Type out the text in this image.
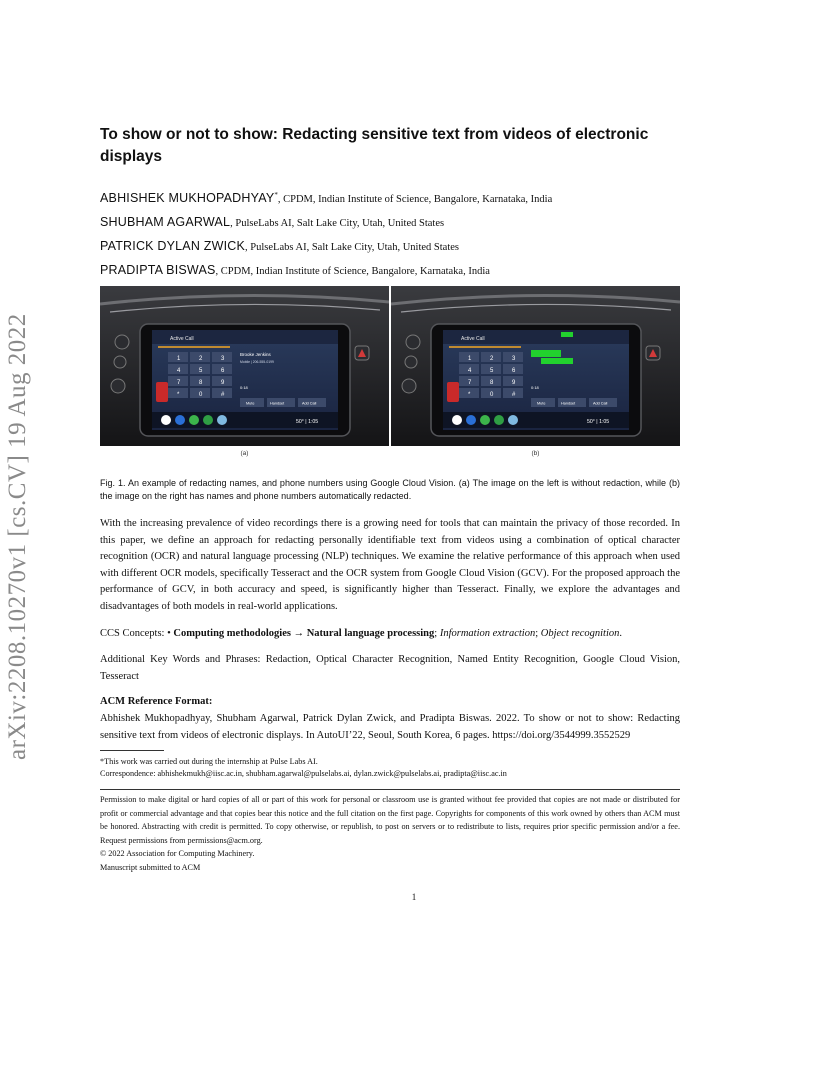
arXiv:2208.10270v1 [cs.CV] 19 Aug 2022
To show or not to show: Redacting sensitive text from videos of electronic displays
ABHISHEK MUKHOPADHYAY*, CPDM, Indian Institute of Science, Bangalore, Karnataka, India
SHUBHAM AGARWAL, PulseLabs AI, Salt Lake City, Utah, United States
PATRICK DYLAN ZWICK, PulseLabs AI, Salt Lake City, Utah, United States
PRADIPTA BISWAS, CPDM, Indian Institute of Science, Bangalore, Karnataka, India
Active Call
Brooke Jenkins
Mobile | 206-555-0199
0:18
1	2	3
4	5	6
7	8	9
*	0	#
Mute	Handset	Add Call
50° | 1:05
Active Call
0:18
1	2	3
4	5	6
7	8	9
*	0	#
Mute	Handset	Add Call
50° | 1:05
(a)	(b)
Fig. 1. An example of redacting names, and phone numbers using Google Cloud Vision. (a) The image on the left is without redaction, while (b) the image on the right has names and phone numbers automatically redacted.
With the increasing prevalence of video recordings there is a growing need for tools that can maintain the privacy of those recorded. In this paper, we define an approach for redacting personally identifiable text from videos using a combination of optical character recognition (OCR) and natural language processing (NLP) techniques. We examine the relative performance of this approach when used with different OCR models, specifically Tesseract and the OCR system from Google Cloud Vision (GCV). For the proposed approach the performance of GCV, in both accuracy and speed, is significantly higher than Tesseract. Finally, we explore the advantages and disadvantages of both models in real-world applications.
CCS Concepts: • Computing methodologies → Natural language processing; Information extraction; Object recognition.
Additional Key Words and Phrases: Redaction, Optical Character Recognition, Named Entity Recognition, Google Cloud Vision, Tesseract
ACM Reference Format:
Abhishek Mukhopadhyay, Shubham Agarwal, Patrick Dylan Zwick, and Pradipta Biswas. 2022. To show or not to show: Redacting sensitive text from videos of electronic displays. In AutoUI’22, Seoul, South Korea, 6 pages. https://doi.org/3544999.3552529
*This work was carried out during the internship at Pulse Labs AI.
Correspondence: abhishekmukh@iisc.ac.in, shubham.agarwal@pulselabs.ai, dylan.zwick@pulselabs.ai, pradipta@iisc.ac.in
Permission to make digital or hard copies of all or part of this work for personal or classroom use is granted without fee provided that copies are not made or distributed for profit or commercial advantage and that copies bear this notice and the full citation on the first page. Copyrights for components of this work owned by others than ACM must be honored. Abstracting with credit is permitted. To copy otherwise, or republish, to post on servers or to redistribute to lists, requires prior specific permission and/or a fee. Request permissions from permissions@acm.org.
© 2022 Association for Computing Machinery.
Manuscript submitted to ACM
1
